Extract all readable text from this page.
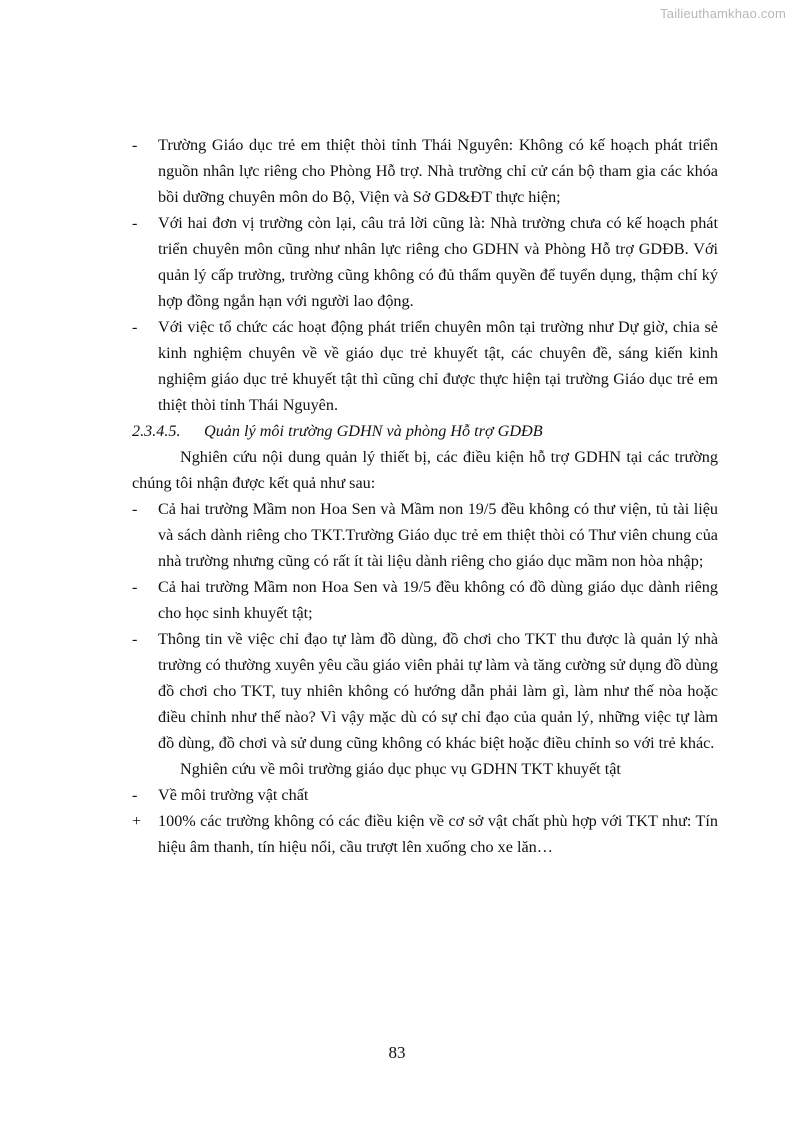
Tailieuthamkhao.com
-	Trường Giáo dục trẻ em thiệt thòi tỉnh Thái Nguyên: Không có kế hoạch phát triển nguồn nhân lực riêng cho Phòng Hỗ trợ. Nhà trường chỉ cử cán bộ tham gia các khóa bồi dưỡng chuyên môn do Bộ, Viện và Sở GD&ĐT thực hiện;
-	Với hai đơn vị trường còn lại, câu trả lời cũng là: Nhà trường chưa có kế hoạch phát triển chuyên môn cũng như nhân lực riêng cho GDHN và Phòng Hỗ trợ GDĐB. Với quản lý cấp trường, trường cũng không có đủ thẩm quyền để tuyển dụng, thậm chí ký hợp đồng ngắn hạn với người lao động.
-	Với việc tổ chức các hoạt động phát triển chuyên môn tại trường như Dự giờ, chia sẻ kinh nghiệm chuyên về về giáo dục trẻ khuyết tật, các chuyên đề, sáng kiến kinh nghiệm giáo dục trẻ khuyết tật thì cũng chỉ được thực hiện tại trường Giáo dục trẻ em thiệt thòi tỉnh Thái Nguyên.

2.3.4.5. Quản lý môi trường GDHN và phòng Hỗ trợ GDĐB

Nghiên cứu nội dung quản lý thiết bị, các điều kiện hỗ trợ GDHN tại các trường chúng tôi nhận được kết quả như sau:

-	Cả hai trường Mầm non Hoa Sen và Mầm non 19/5 đều không có thư viện, tủ tài liệu và sách dành riêng cho TKT.Trường Giáo dục trẻ em thiệt thòi có Thư viên chung của nhà trường nhưng cũng có rất ít tài liệu dành riêng cho giáo dục mầm non hòa nhập;
-	Cả hai trường Mầm non Hoa Sen và 19/5 đều không có đồ dùng giáo dục dành riêng cho học sinh khuyết tật;
-	Thông tin về việc chỉ đạo tự làm đồ dùng, đồ chơi cho TKT thu được là quản lý nhà trường có thường xuyên yêu cầu giáo viên phải tự làm và tăng cường sử dụng đồ dùng đồ chơi cho TKT, tuy nhiên không có hướng dẫn phải làm gì, làm như thế nòa hoặc điều chỉnh như thế nào? Vì vậy mặc dù có sự chỉ đạo của quản lý, những việc tự làm đồ dùng, đồ chơi và sử dung cũng không có khác biệt hoặc điều chỉnh so với trẻ khác.

Nghiên cứu về môi trường giáo dục phục vụ GDHN TKT khuyết tật

-	Về môi trường vật chất
+	100% các trường không có các điều kiện về cơ sở vật chất phù hợp với TKT như: Tín hiệu âm thanh, tín hiệu nổi, cầu trượt lên xuống cho xe lăn…
83
